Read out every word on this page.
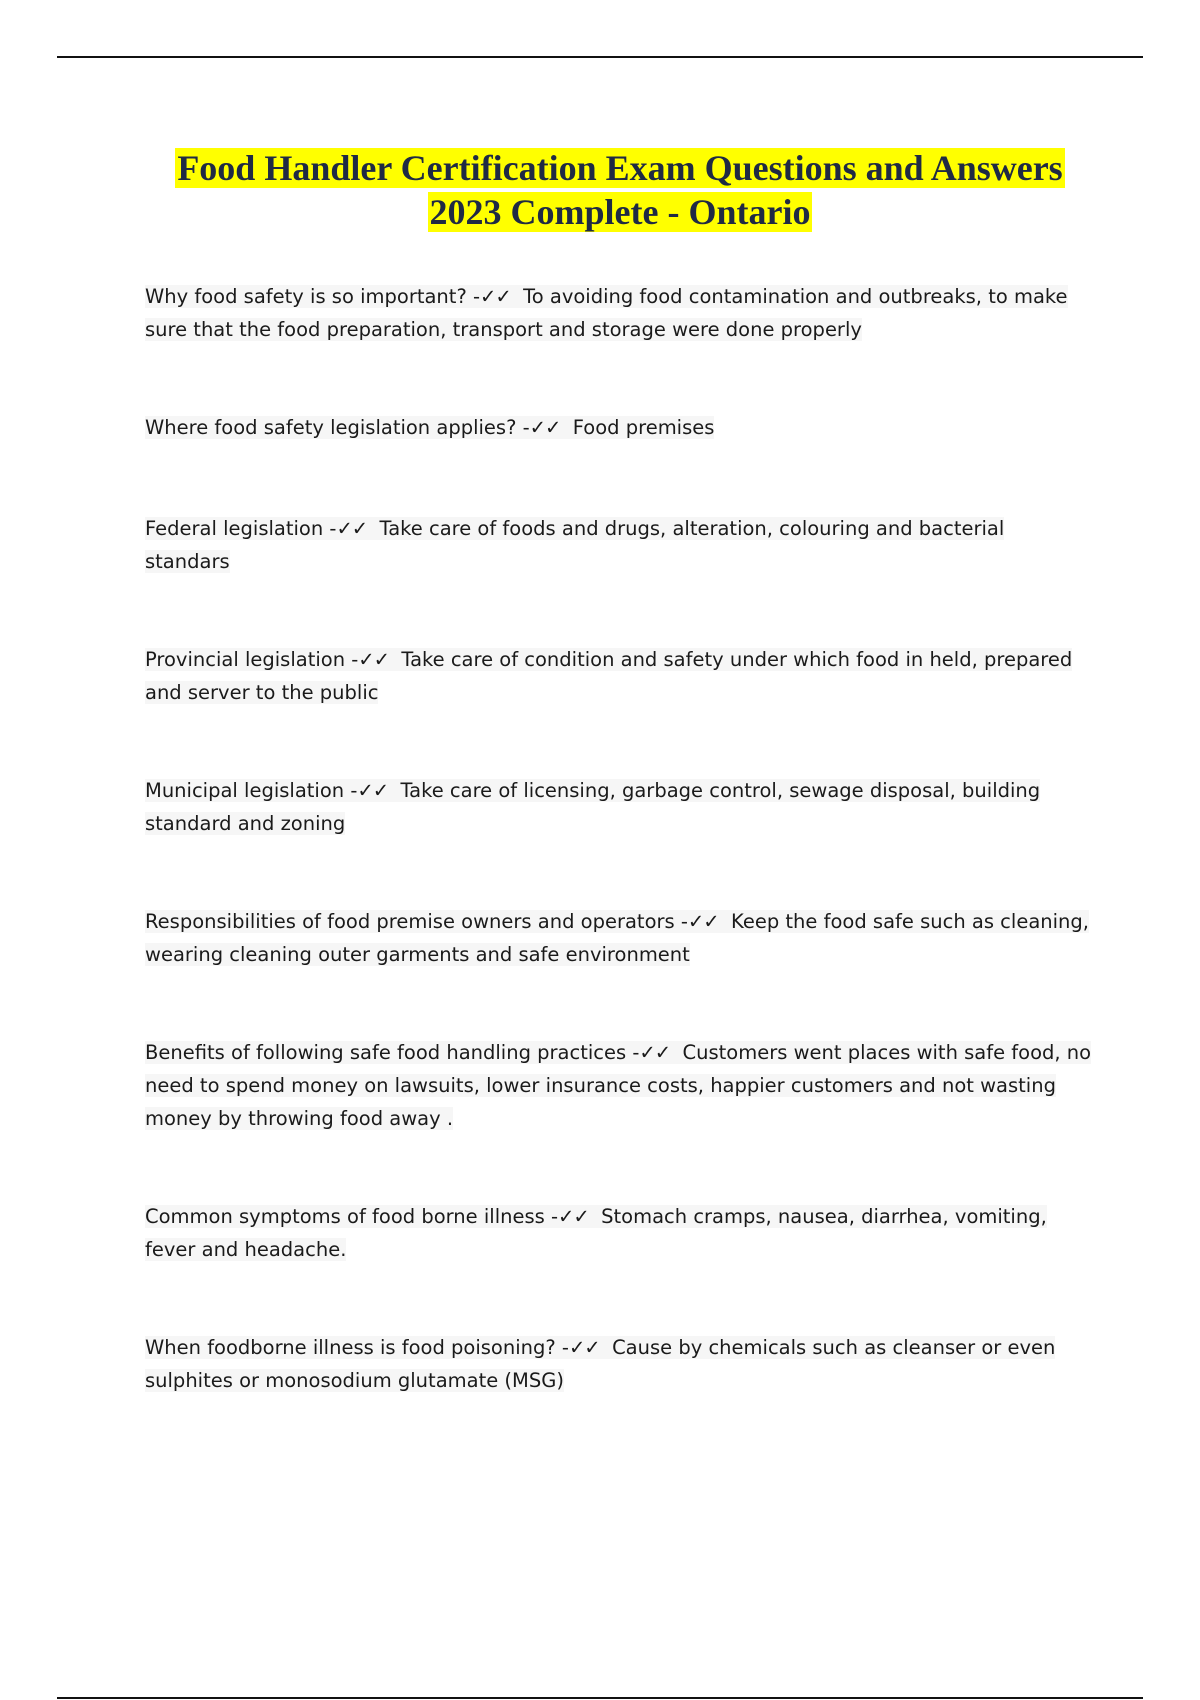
Food Handler Certification Exam Questions and Answers
2023 Complete - Ontario

Why food safety is so important? -✓✓ To avoiding food contamination and outbreaks, to make sure that the food preparation, transport and storage were done properly

Where food safety legislation applies? -✓✓ Food premises

Federal legislation -✓✓ Take care of foods and drugs, alteration, colouring and bacterial standars

Provincial legislation -✓✓ Take care of condition and safety under which food in held, prepared and server to the public

Municipal legislation -✓✓ Take care of licensing, garbage control, sewage disposal, building standard and zoning

Responsibilities of food premise owners and operators -✓✓ Keep the food safe such as cleaning, wearing cleaning outer garments and safe environment

Benefits of following safe food handling practices -✓✓ Customers went places with safe food, no need to spend money on lawsuits, lower insurance costs, happier customers and not wasting money by throwing food away .

Common symptoms of food borne illness -✓✓ Stomach cramps, nausea, diarrhea, vomiting, fever and headache.

When foodborne illness is food poisoning? -✓✓ Cause by chemicals such as cleanser or even sulphites or monosodium glutamate (MSG)
